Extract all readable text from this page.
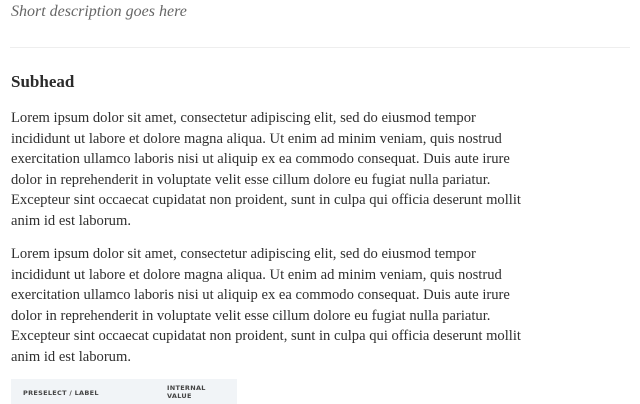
Short description goes here

Subhead

Lorem ipsum dolor sit amet, consectetur adipiscing elit, sed do eiusmod tempor incididunt ut labore et dolore magna aliqua. Ut enim ad minim veniam, quis nostrud exercitation ullamco laboris nisi ut aliquip ex ea commodo consequat. Duis aute irure dolor in reprehenderit in voluptate velit esse cillum dolore eu fugiat nulla pariatur. Excepteur sint occaecat cupidatat non proident, sunt in culpa qui officia deserunt mollit anim id est laborum.

Lorem ipsum dolor sit amet, consectetur adipiscing elit, sed do eiusmod tempor incididunt ut labore et dolore magna aliqua. Ut enim ad minim veniam, quis nostrud exercitation ullamco laboris nisi ut aliquip ex ea commodo consequat. Duis aute irure dolor in reprehenderit in voluptate velit esse cillum dolore eu fugiat nulla pariatur. Excepteur sint occaecat cupidatat non proident, sunt in culpa qui officia deserunt mollit anim id est laborum.

PRESELECT / LABEL
INTERNAL VALUE
